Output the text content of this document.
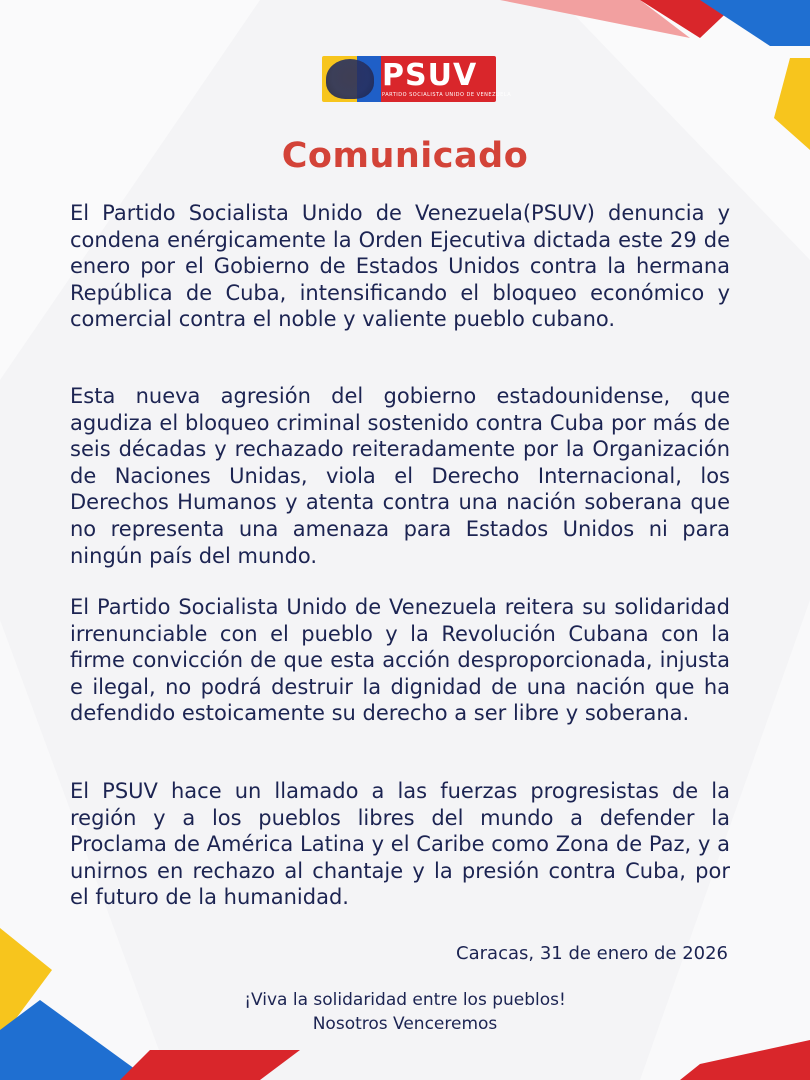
PSUV
PARTIDO SOCIALISTA UNIDO DE VENEZUELA
Comunicado
El Partido Socialista Unido de Venezuela(PSUV) denuncia y condena enérgicamente la Orden Ejecutiva dictada este 29 de enero por el Gobierno de Estados Unidos contra la hermana República de Cuba, intensificando el bloqueo económico y comercial contra el noble y valiente pueblo cubano.
Esta nueva agresión del gobierno estadounidense, que agudiza el bloqueo criminal sostenido contra Cuba por más de seis décadas y rechazado reiteradamente por la Organización de Naciones Unidas, viola el Derecho Internacional, los Derechos Humanos y atenta contra una nación soberana que no representa una amenaza para Estados Unidos ni para ningún país del mundo.
El Partido Socialista Unido de Venezuela reitera su solidaridad irrenunciable con el pueblo y la Revolución Cubana con la firme convicción de que esta acción desproporcionada, injusta e ilegal, no podrá destruir la dignidad de una nación que ha defendido estoicamente su derecho a ser libre y soberana.
El PSUV hace un llamado a las fuerzas progresistas de la región y a los pueblos libres del mundo a defender la Proclama de América Latina y el Caribe como Zona de Paz, y a unirnos en rechazo al chantaje y la presión contra Cuba, por el futuro de la humanidad.
Caracas, 31 de enero de 2026
¡Viva la solidaridad entre los pueblos!
Nosotros Venceremos
